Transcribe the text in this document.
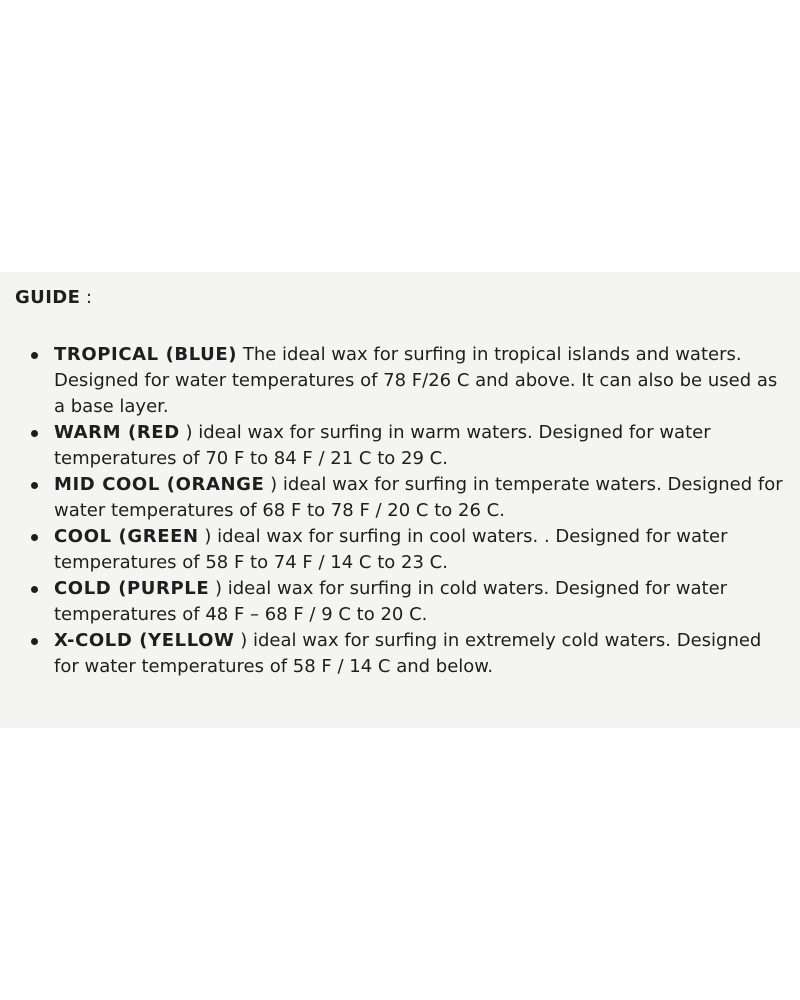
GUIDE :

TROPICAL (BLUE) The ideal wax for surfing in tropical islands and waters. Designed for water temperatures of 78 F/26 C and above. It can also be used as a base layer.
WARM (RED ) ideal wax for surfing in warm waters. Designed for water temperatures of 70 F to 84 F / 21 C to 29 C.
MID COOL (ORANGE ) ideal wax for surfing in temperate waters. Designed for water temperatures of 68 F to 78 F / 20 C to 26 C.
COOL (GREEN ) ideal wax for surfing in cool waters. . Designed for water temperatures of 58 F to 74 F / 14 C to 23 C.
COLD (PURPLE ) ideal wax for surfing in cold waters. Designed for water temperatures of 48 F – 68 F / 9 C to 20 C.
X-COLD (YELLOW ) ideal wax for surfing in extremely cold waters. Designed for water temperatures of 58 F / 14 C and below.
